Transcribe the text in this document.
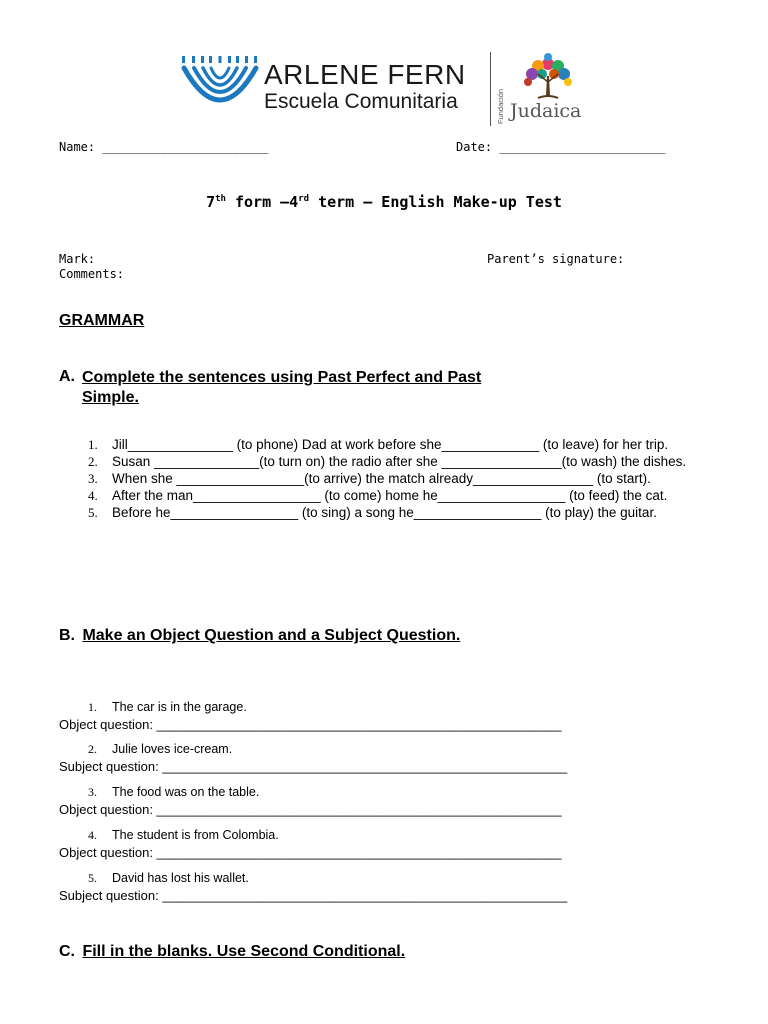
ARLENE FERN
Escuela Comunitaria	Fundación Judaica
Name: _______________________	Date: _______________________
7th form –4rd term – English Make-up Test
Mark:
Comments:
Parent’s signature:
GRAMMAR
A. Complete the sentences using Past Perfect and Past
Simple.
1. Jill______________ (to phone) Dad at work before she_____________ (to leave) for her trip.
2. Susan ______________(to turn on) the radio after she ________________(to wash) the dishes.
3. When she _________________(to arrive) the match already________________ (to start).
4. After the man_________________ (to come) home he_________________ (to feed) the cat.
5. Before he_________________ (to sing) a song he_________________ (to play) the guitar.
B. Make an Object Question and a Subject Question.
1. The car is in the garage.
Object question: ________________________________________________________
2. Julie loves ice-cream.
Subject question: ________________________________________________________
3. The food was on the table.
Object question: ________________________________________________________
4. The student is from Colombia.
Object question: ________________________________________________________
5. David has lost his wallet.
Subject question: ________________________________________________________
C. Fill in the blanks. Use Second Conditional.
